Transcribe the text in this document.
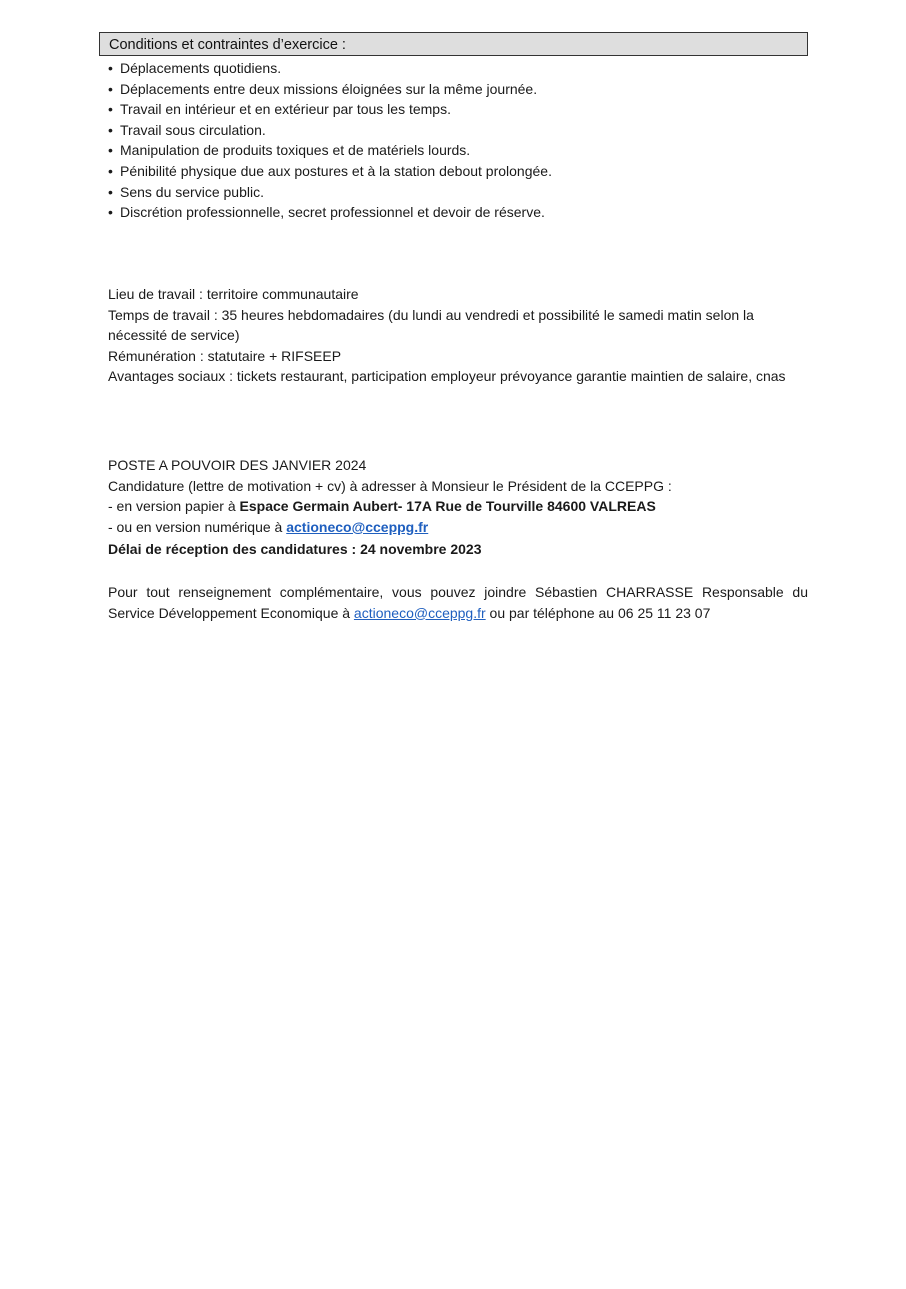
Conditions et contraintes d’exercice :
• Déplacements quotidiens.
• Déplacements entre deux missions éloignées sur la même journée.
• Travail en intérieur et en extérieur par tous les temps.
• Travail sous circulation.
• Manipulation de produits toxiques et de matériels lourds.
• Pénibilité physique due aux postures et à la station debout prolongée.
• Sens du service public.
• Discrétion professionnelle, secret professionnel et devoir de réserve.

Lieu de travail : territoire communautaire

Temps de travail : 35 heures hebdomadaires (du lundi au vendredi et possibilité le samedi matin selon la nécessité de service)

Rémunération : statutaire + RIFSEEP

Avantages sociaux : tickets restaurant, participation employeur prévoyance garantie maintien de salaire, cnas

POSTE A POUVOIR DES JANVIER 2024

Candidature (lettre de motivation + cv) à adresser à Monsieur le Président de la CCEPPG :

- en version papier à Espace Germain Aubert- 17A Rue de Tourville 84600 VALREAS

- ou en version numérique à actioneco@cceppg.fr

Délai de réception des candidatures : 24 novembre 2023

Pour tout renseignement complémentaire, vous pouvez joindre Sébastien CHARRASSE Responsable du Service Développement Economique à actioneco@cceppg.fr ou par téléphone au 06 25 11 23 07
